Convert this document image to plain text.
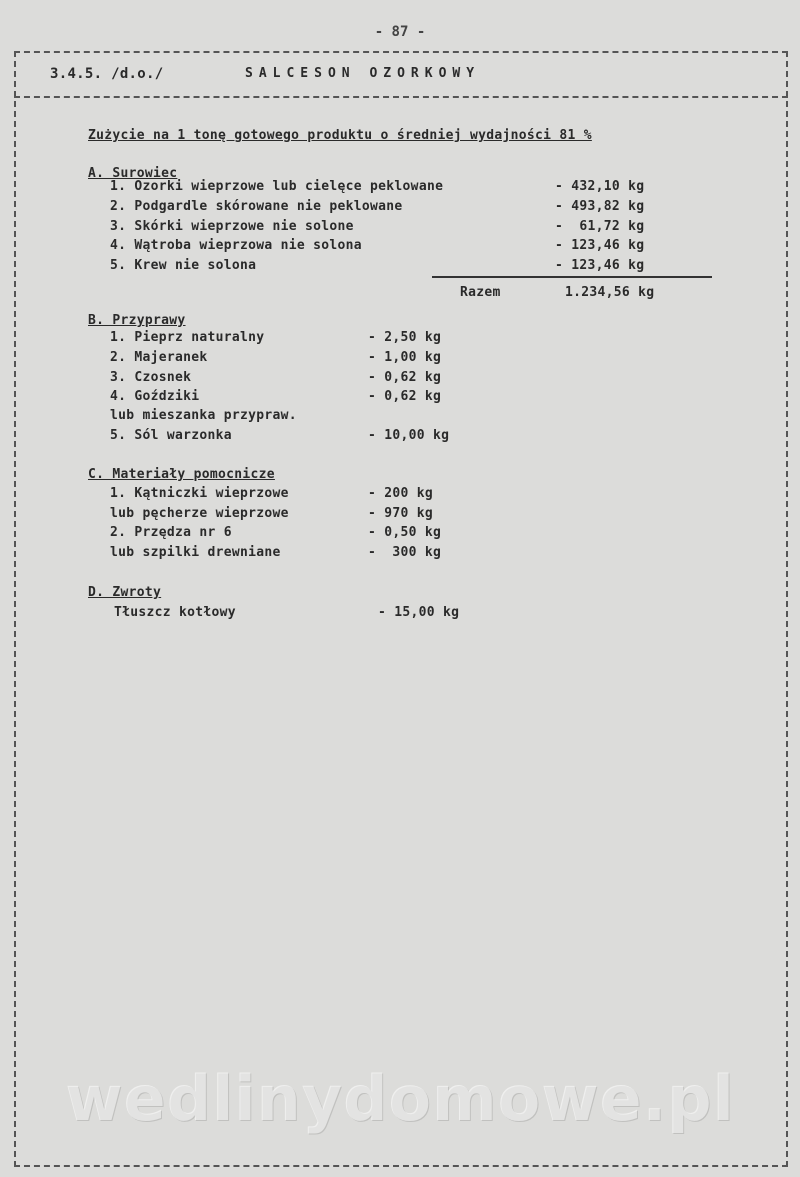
- 87 -
3.4.5. /d.o./	SALCESON OZORKOWY
Zużycie na 1 tonę gotowego produktu o średniej wydajności 81 %
A. Surowiec
1. Ozorki wieprzowe lub cielęce peklowane	- 432,10 kg
2. Podgardle skórowane nie peklowane	- 493,82 kg
3. Skórki wieprzowe nie solone	-  61,72 kg
4. Wątroba wieprzowa nie solona	- 123,46 kg
5. Krew nie solona	- 123,46 kg
Razem	1.234,56 kg
B. Przyprawy
1. Pieprz naturalny	- 2,50 kg
2. Majeranek	- 1,00 kg
3. Czosnek	- 0,62 kg
4. Goździki	- 0,62 kg
lub mieszanka przypraw.
5. Sól warzonka	- 10,00 kg
C. Materiały pomocnicze
1. Kątniczki wieprzowe	- 200 kg
lub pęcherze wieprzowe	- 970 kg
2. Przędza nr 6	- 0,50 kg
lub szpilki drewniane	-  300 kg
D. Zwroty
Tłuszcz kotłowy	- 15,00 kg
wedlinydomowe.pl
